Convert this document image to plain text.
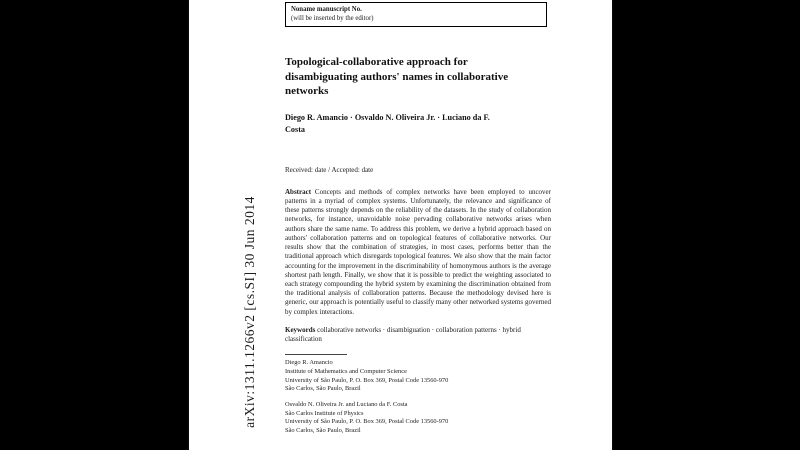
arXiv:1311.1266v2 [cs.SI] 30 Jun 2014
Noname manuscript No.
(will be inserted by the editor)
Topological-collaborative approach for disambiguating authors' names in collaborative networks
Diego R. Amancio · Osvaldo N. Oliveira Jr. · Luciano da F. Costa
Received: date / Accepted: date

Abstract Concepts and methods of complex networks have been employed to uncover patterns in a myriad of complex systems. Unfortunately, the relevance and significance of these patterns strongly depends on the reliability of the datasets. In the study of collaboration networks, for instance, unavoidable noise pervading collaborative networks arises when authors share the same name. To address this problem, we derive a hybrid approach based on authors' collaboration patterns and on topological features of collaborative networks. Our results show that the combination of strategies, in most cases, performs better than the traditional approach which disregards topological features. We also show that the main factor accounting for the improvement in the discriminability of homonymous authors is the average shortest path length. Finally, we show that it is possible to predict the weighting associated to each strategy compounding the hybrid system by examining the discrimination obtained from the traditional analysis of collaboration patterns. Because the methodology devised here is generic, our approach is potentially useful to classify many other networked systems governed by complex interactions.

Keywords collaborative networks · disambiguation · collaboration patterns · hybrid classification

Diego R. Amancio
Institute of Mathematics and Computer Science
University of São Paulo, P. O. Box 369, Postal Code 13560-970
São Carlos, São Paulo, Brazil
Osvaldo N. Oliveira Jr. and Luciano da F. Costa
São Carlos Institute of Physics
University of São Paulo, P. O. Box 369, Postal Code 13560-970
São Carlos, São Paulo, Brazil
